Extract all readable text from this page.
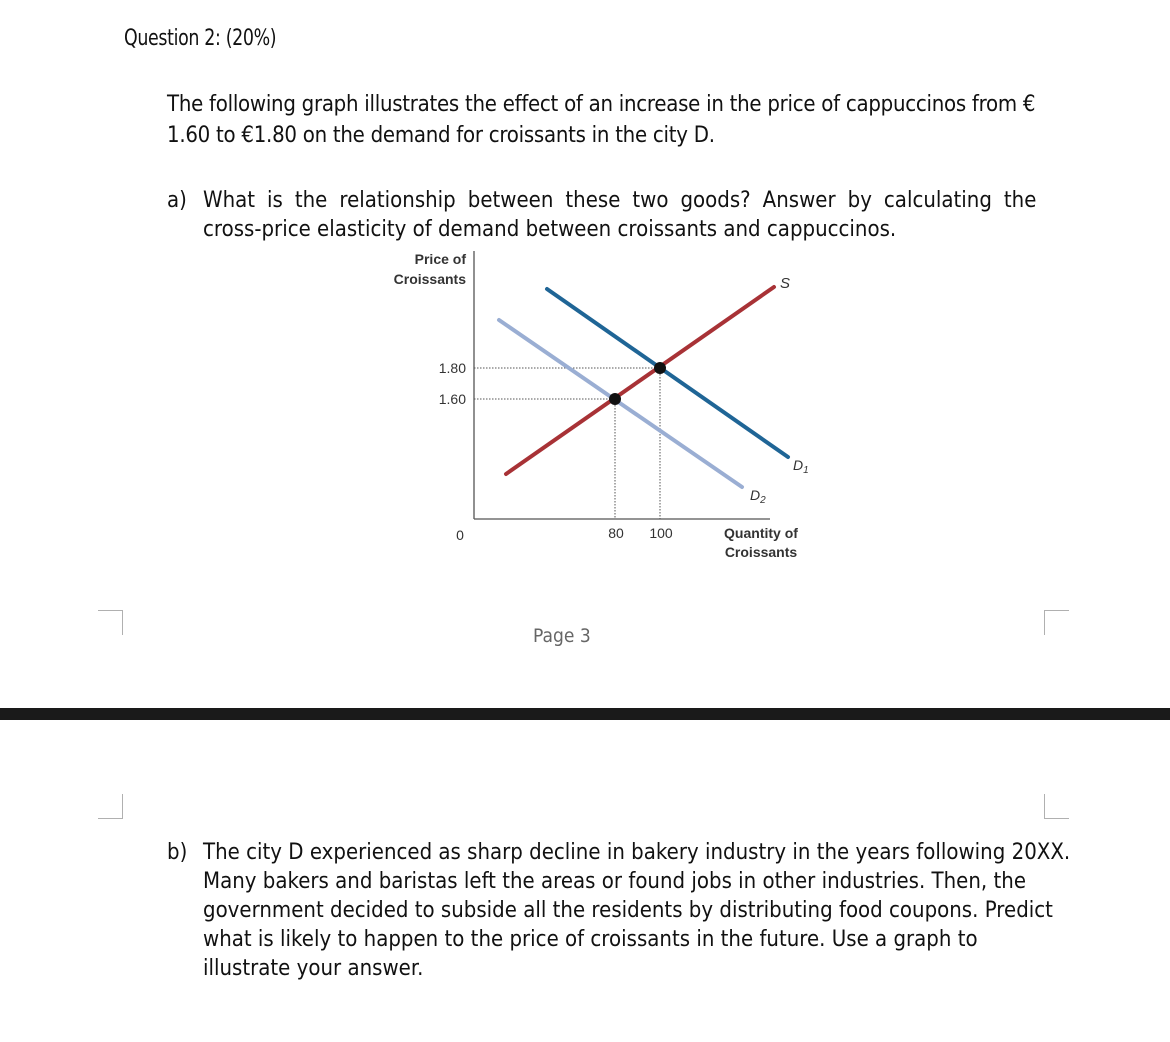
Question 2: (20%)
The following graph illustrates the effect of an increase in the price of cappuccinos from €
1.60 to €1.80 on the demand for croissants in the city D.
a) What is the relationship between these two goods? Answer by calculating the
cross-price elasticity of demand between croissants and cappuccinos.
Price of
Croissants
1.80
1.60
0	80 100	Quantity of
Croissants
S
$D_1$
$D_2$
Page 3
b) The city D experienced as sharp decline in bakery industry in the years following 20XX.
Many bakers and baristas left the areas or found jobs in other industries. Then, the
government decided to subside all the residents by distributing food coupons. Predict
what is likely to happen to the price of croissants in the future. Use a graph to
illustrate your answer.
